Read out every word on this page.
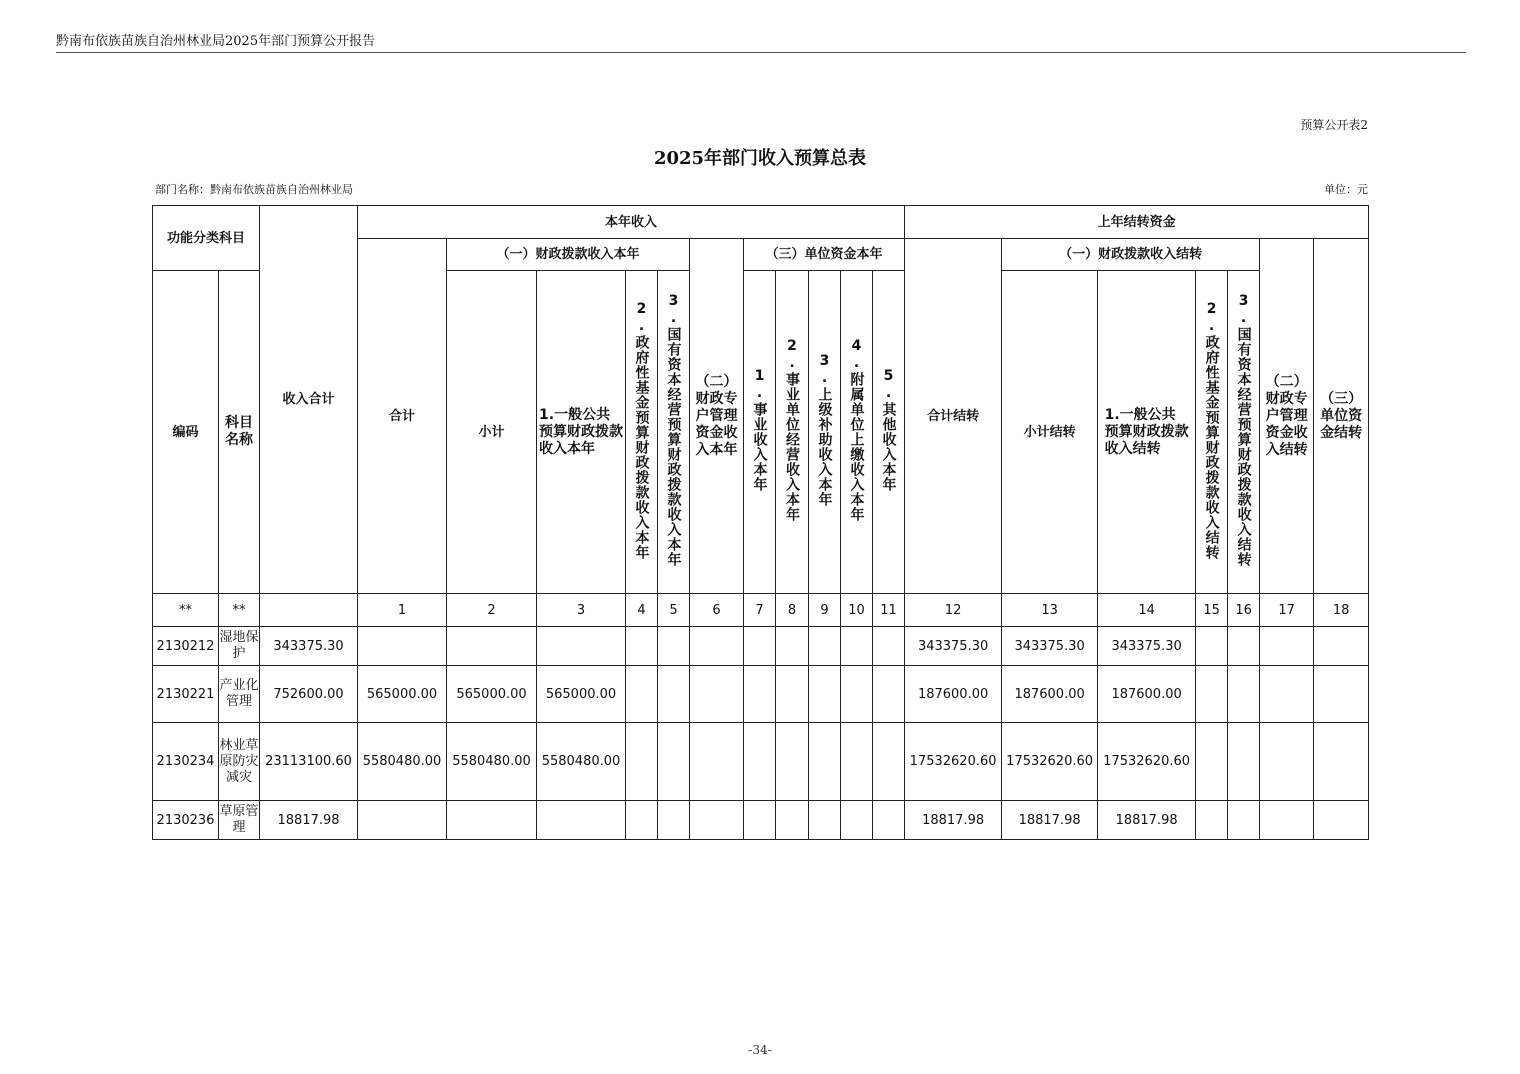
黔南布依族苗族自治州林业局2025年部门预算公开报告
预算公开表2
2025年部门收入预算总表
部门名称：黔南布依族苗族自治州林业局	单位：元
功能分类科目		收入合计	本年收入											上年结转资金						
			合计	（一）财政拨款收入本年				（二）财政专户管理资金收入本年	（三）单位资金本年					合计结转	（一）财政拨款收入结转				（二）财政专户管理资金收入结转	（三）单位资金结转
编码	科目名称			小计	1.一般公共预算财政拨款收入本年	2.政府性基金预算财政拨款收入本年	3.国有资本经营预算财政拨款收入本年		1.事业收入本年	2.事业单位经营收入本年	3.上级补助收入本年	4.附属单位上缴收入本年	5.其他收入本年		小计结转	1.一般公共预算财政拨款收入结转	2.政府性基金预算财政拨款收入结转	3.国有资本经营预算财政拨款收入结转		

**	**		1	2	3	4	5	6	7	8	9	10	11	12	13	14	15	16	17	18
2130212	湿地保护	343375.30												343375.30	343375.30	343375.30				
2130221	产业化管理	752600.00	565000.00	565000.00	565000.00									187600.00	187600.00	187600.00				
2130234	林业草原防灾减灾	23113100.60	5580480.00	5580480.00	5580480.00									17532620.60	17532620.60	17532620.60				
2130236	草原管理	18817.98												18817.98	18817.98	18817.98				
-34-
